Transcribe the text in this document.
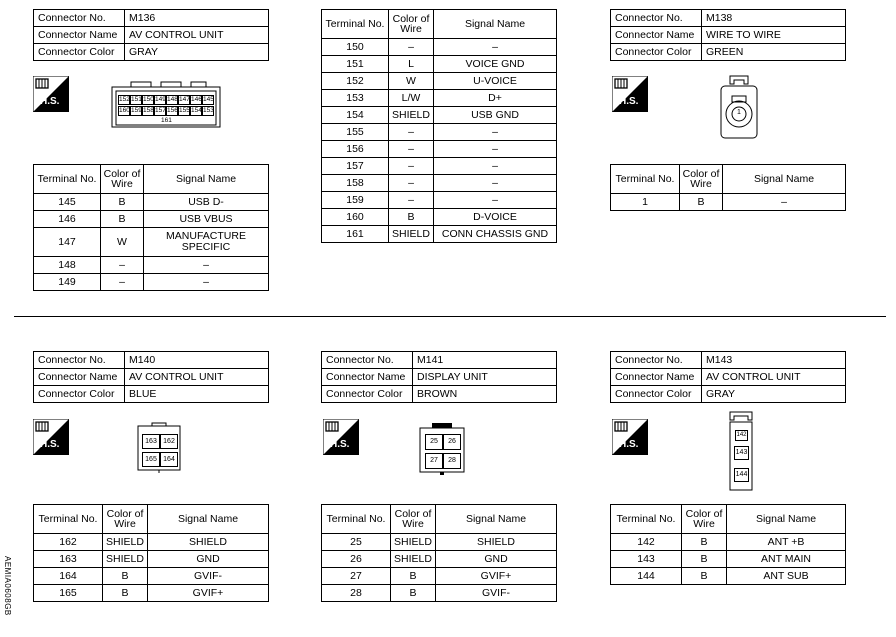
Connector No.	M136
Connector Name	AV CONTROL UNIT
Connector Color	GRAY
H.S.	152 151 150 149 148 147 146 145
160 159 158 157 156 155 154 153
161
Terminal No.	Color of Wire	Signal Name
145	B	USB D-
146	B	USB VBUS
147	W	MANUFACTURE SPECIFIC
148	–	–
149	–	–
Terminal No.	Color of Wire	Signal Name
150	–	–
151	L	VOICE GND
152	W	U-VOICE
153	L/W	D+
154	SHIELD	USB GND
155	–	–
156	–	–
157	–	–
158	–	–
159	–	–
160	B	D-VOICE
161	SHIELD	CONN CHASSIS GND
Connector No.	M138
Connector Name	WIRE TO WIRE
Connector Color	GREEN
H.S.
1
Terminal No.	Color of Wire	Signal Name
1	B	–
Connector No.	M140
Connector Name	AV CONTROL UNIT
Connector Color	BLUE
H.S.	163 162
165 164
Terminal No.	Color of Wire	Signal Name
162	SHIELD	SHIELD
163	SHIELD	GND
164	B	GVIF-
165	B	GVIF+
Connector No.	M141
Connector Name	DISPLAY UNIT
Connector Color	BROWN
H.S.	25	26
27	28
Terminal No.	Color of Wire	Signal Name
25	SHIELD	SHIELD
26	SHIELD	GND
27	B	GVIF+
28	B	GVIF-
Connector No.	M143
Connector Name	AV CONTROL UNIT
Connector Color	GRAY
H.S.
142
143
144
Terminal No.	Color of Wire	Signal Name
142	B	ANT +B
143	B	ANT MAIN
144	B	ANT SUB
AEMIA0608GB
